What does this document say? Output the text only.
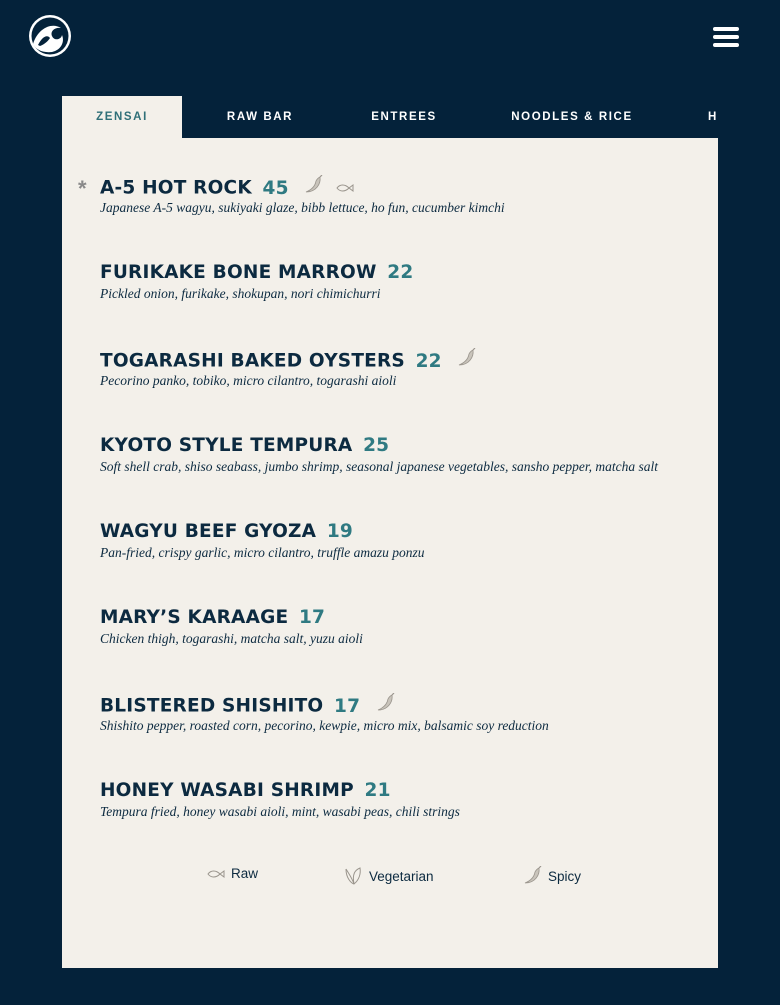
ZENSAI	RAW BAR	ENTREES	NOODLES & RICE	H
* A-5 HOT ROCK 45
Japanese A-5 wagyu, sukiyaki glaze, bibb lettuce, ho fun, cucumber kimchi
FURIKAKE BONE MARROW 22
Pickled onion, furikake, shokupan, nori chimichurri
TOGARASHI BAKED OYSTERS 22
Pecorino panko, tobiko, micro cilantro, togarashi aioli
KYOTO STYLE TEMPURA 25
Soft shell crab, shiso seabass, jumbo shrimp, seasonal japanese vegetables, sansho pepper, matcha salt
WAGYU BEEF GYOZA 19
Pan-fried, crispy garlic, micro cilantro, truffle amazu ponzu
MARY’S KARAAGE 17
Chicken thigh, togarashi, matcha salt, yuzu aioli
BLISTERED SHISHITO 17
Shishito pepper, roasted corn, pecorino, kewpie, micro mix, balsamic soy reduction
HONEY WASABI SHRIMP 21
Tempura fried, honey wasabi aioli, mint, wasabi peas, chili strings
Raw	Vegetarian	Spicy
